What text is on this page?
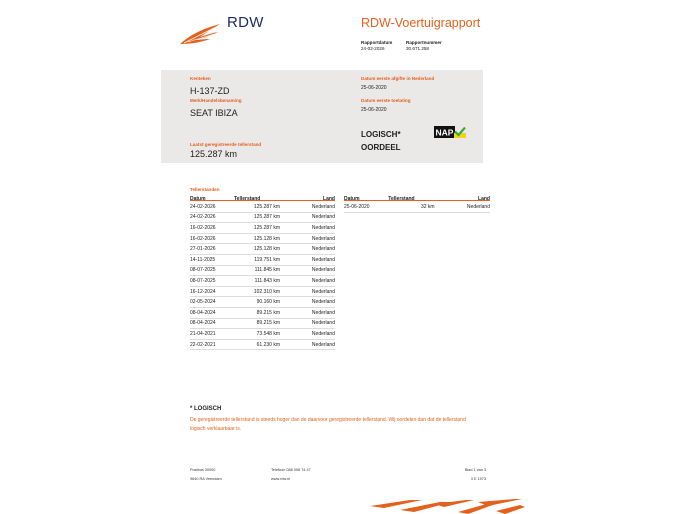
RDW	RDW-Voertuigrapport
Rapportdatum
24-02-2026
Rapportnummer
30.671.258
Kenteken
H-137-ZD
Merk/Handelsbenaming
SEAT IBIZA
Laatst geregistreerde tellerstand
125.287 km
Datum eerste afgifte in Nederland
25-06-2020
Datum eerste toelating
25-06-2020
LOGISCH*
OORDEEL
NAP
Tellerstanden
Datum	Tellerstand	Land
24-02-2026	125.287 km	Nederland
24-02-2026	125.287 km	Nederland
16-02-2026	125.287 km	Nederland
16-02-2026	125.128 km	Nederland
27-01-2026	125.128 km	Nederland
14-11-2025	119.751 km	Nederland
08-07-2025	111.845 km	Nederland
08-07-2025	111.843 km	Nederland
16-12-2024	102.310 km	Nederland
02-05-2024	90.160 km	Nederland
08-04-2024	89.215 km	Nederland
08-04-2024	89.215 km	Nederland
21-04-2021	73.548 km	Nederland
22-02-2021	61.230 km	Nederland
Datum	Tellerstand	Land
25-06-2020	32 km	Nederland
* LOGISCH
De geregistreerde tellerstand is steeds hoger dan de daarvoor geregistreerde tellerstand. Wij oordelen dan dat de tellerstand logisch verklaarbaar is.
Postbus 30000
9640 RA Veendam
Telefoon 088 008 74 47
www.rdw.nl
Blad 1 van 3
3 E 1973
